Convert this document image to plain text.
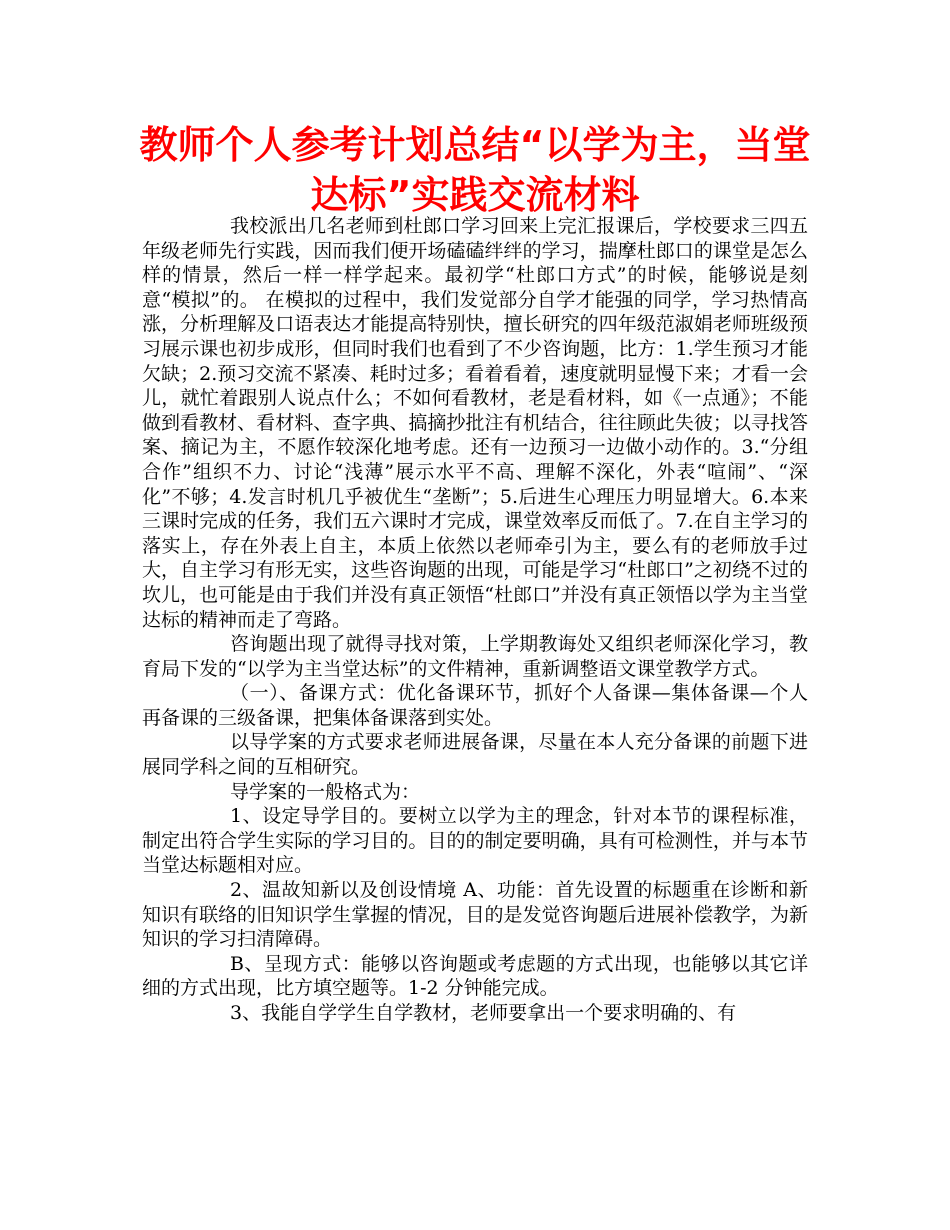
教师个人参考计划总结“以学为主，当堂达标”实践交流材料

我校派出几名老师到杜郎口学习回来上完汇报课后，学校要求三四五年级老师先行实践，因而我们便开场磕磕绊绊的学习，揣摩杜郎口的课堂是怎么样的情景，然后一样一样学起来。最初学“杜郎口方式”的时候，能够说是刻意“模拟”的。 在模拟的过程中，我们发觉部分自学才能强的同学，学习热情高涨，分析理解及口语表达才能提高特别快，擅长研究的四年级范淑娟老师班级预习展示课也初步成形，但同时我们也看到了不少咨询题，比方：1.学生预习才能欠缺；2.预习交流不紧凑、耗时过多；看着看着，速度就明显慢下来；才看一会儿，就忙着跟别人说点什么；不如何看教材，老是看材料，如《一点通》；不能做到看教材、看材料、查字典、搞摘抄批注有机结合，往往顾此失彼；以寻找答案、摘记为主，不愿作较深化地考虑。还有一边预习一边做小动作的。3.“分组合作”组织不力、讨论“浅薄”展示水平不高、理解不深化，外表“喧闹”、“深化”不够；4.发言时机几乎被优生“垄断”；5.后进生心理压力明显增大。6.本来三课时完成的任务，我们五六课时才完成，课堂效率反而低了。7.在自主学习的落实上，存在外表上自主，本质上依然以老师牵引为主，要么有的老师放手过大，自主学习有形无实，这些咨询题的出现，可能是学习“杜郎口”之初绕不过的坎儿，也可能是由于我们并没有真正领悟“杜郎口”并没有真正领悟以学为主当堂达标的精神而走了弯路。

咨询题出现了就得寻找对策，上学期教诲处又组织老师深化学习，教育局下发的“以学为主当堂达标”的文件精神，重新调整语文课堂教学方式。

（一）、备课方式：优化备课环节，抓好个人备课—集体备课—个人再备课的三级备课，把集体备课落到实处。

以导学案的方式要求老师进展备课，尽量在本人充分备课的前题下进展同学科之间的互相研究。

导学案的一般格式为：

1、设定导学目的。要树立以学为主的理念，针对本节的课程标准，制定出符合学生实际的学习目的。目的的制定要明确，具有可检测性，并与本节当堂达标题相对应。

2、温故知新以及创设情境 A、功能：首先设置的标题重在诊断和新知识有联络的旧知识学生掌握的情况，目的是发觉咨询题后进展补偿教学，为新知识的学习扫清障碍。

B、呈现方式：能够以咨询题或考虑题的方式出现，也能够以其它详细的方式出现，比方填空题等。1-2 分钟能完成。

3、我能自学学生自学教材，老师要拿出一个要求明确的、有
